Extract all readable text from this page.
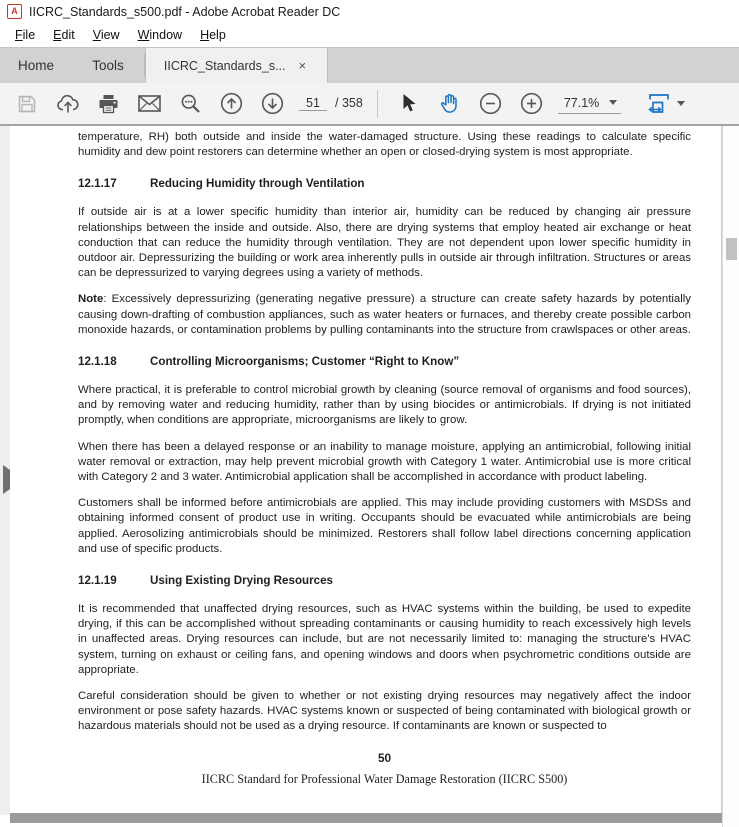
A IICRC_Standards_s500.pdf - Adobe Acrobat Reader DC
File	Edit	View	Window	Help
Home	Tools	IICRC_Standards_s... ×
51
/ 358	77.1%

temperature, RH) both outside and inside the water-damaged structure. Using these readings to calculate specific humidity and dew point restorers can determine whether an open or closed-drying system is most appropriate.

12.1.17	Reducing Humidity through Ventilation

If outside air is at a lower specific humidity than interior air, humidity can be reduced by changing air pressure relationships between the inside and outside. Also, there are drying systems that employ heated air exchange or heat conduction that can reduce the humidity through ventilation. They are not dependent upon lower specific humidity in outdoor air. Depressurizing the building or work area inherently pulls in outside air through infiltration. Structures or areas can be depressurized to varying degrees using a variety of methods.

Note: Excessively depressurizing (generating negative pressure) a structure can create safety hazards by potentially causing down-drafting of combustion appliances, such as water heaters or furnaces, and thereby create possible carbon monoxide hazards, or contamination problems by pulling contaminants into the structure from crawlspaces or other areas.

12.1.18	Controlling Microorganisms; Customer “Right to Know”

Where practical, it is preferable to control microbial growth by cleaning (source removal of organisms and food sources), and by removing water and reducing humidity, rather than by using biocides or antimicrobials. If drying is not initiated promptly, when conditions are appropriate, microorganisms are likely to grow.

When there has been a delayed response or an inability to manage moisture, applying an antimicrobial, following initial water removal or extraction, may help prevent microbial growth with Category 1 water. Antimicrobial use is more critical with Category 2 and 3 water. Antimicrobial application shall be accomplished in accordance with product labeling.

Customers shall be informed before antimicrobials are applied. This may include providing customers with MSDSs and obtaining informed consent of product use in writing. Occupants should be evacuated while antimicrobials are being applied. Aerosolizing antimicrobials should be minimized. Restorers shall follow label directions concerning application and use of specific products.

12.1.19	Using Existing Drying Resources

It is recommended that unaffected drying resources, such as HVAC systems within the building, be used to expedite drying, if this can be accomplished without spreading contaminants or causing humidity to reach excessively high levels in unaffected areas. Drying resources can include, but are not necessarily limited to: managing the structure's HVAC system, turning on exhaust or ceiling fans, and opening windows and doors when psychrometric conditions outside are appropriate.

Careful consideration should be given to whether or not existing drying resources may negatively affect the indoor environment or pose safety hazards. HVAC systems known or suspected of being contaminated with biological growth or hazardous materials should not be used as a drying resource. If contaminants are known or suspected to

50
IICRC Standard for Professional Water Damage Restoration (IICRC S500)
